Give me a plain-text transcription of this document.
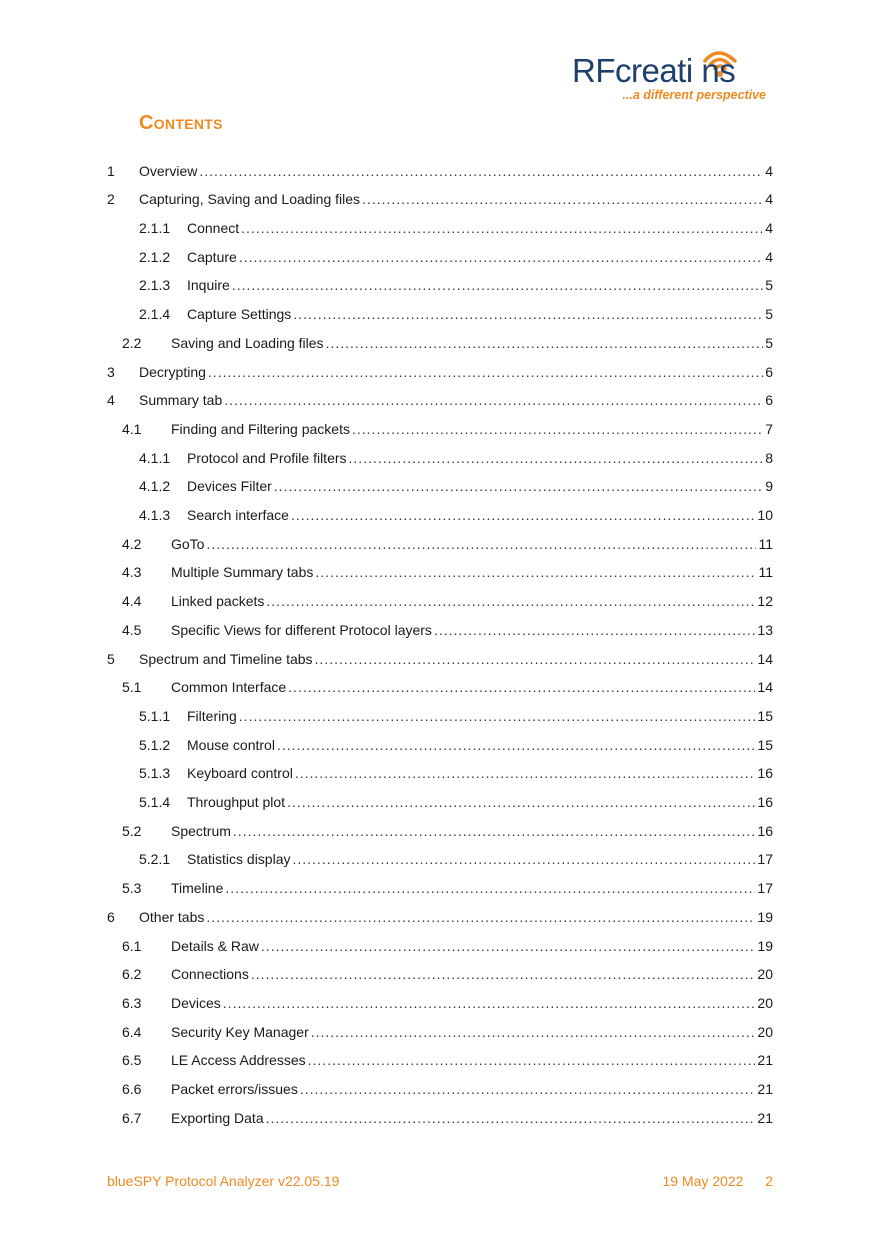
RFcreati ns
...a different perspective
Contents
1 Overview .....	4
2 Capturing, Saving and Loading files .....	4
2.1.1 Connect .....	4
2.1.2 Capture .....	4
2.1.3 Inquire .....	5
2.1.4 Capture Settings .....	5
2.2 Saving and Loading files .....	5
3 Decrypting .....	6
4 Summary tab .....	6
4.1 Finding and Filtering packets .....	7
4.1.1 Protocol and Profile filters .....	8
4.1.2 Devices Filter .....	9
4.1.3 Search interface .....	10
4.2 GoTo .....	11
4.3 Multiple Summary tabs .....	11
4.4 Linked packets .....	12
4.5 Specific Views for different Protocol layers .....	13
5 Spectrum and Timeline tabs .....	14
5.1 Common Interface .....	14
5.1.1 Filtering .....	15
5.1.2 Mouse control .....	15
5.1.3 Keyboard control .....	16
5.1.4 Throughput plot .....	16
5.2 Spectrum .....	16
5.2.1 Statistics display .....	17
5.3 Timeline .....	17
6 Other tabs .....	19
6.1 Details & Raw .....	19
6.2 Connections .....	20
6.3 Devices .....	20
6.4 Security Key Manager .....	20
6.5 LE Access Addresses .....	21
6.6 Packet errors/issues .....	21
6.7 Exporting Data .....	21
blueSPY Protocol Analyzer v22.05.19	19 May 2022 2
